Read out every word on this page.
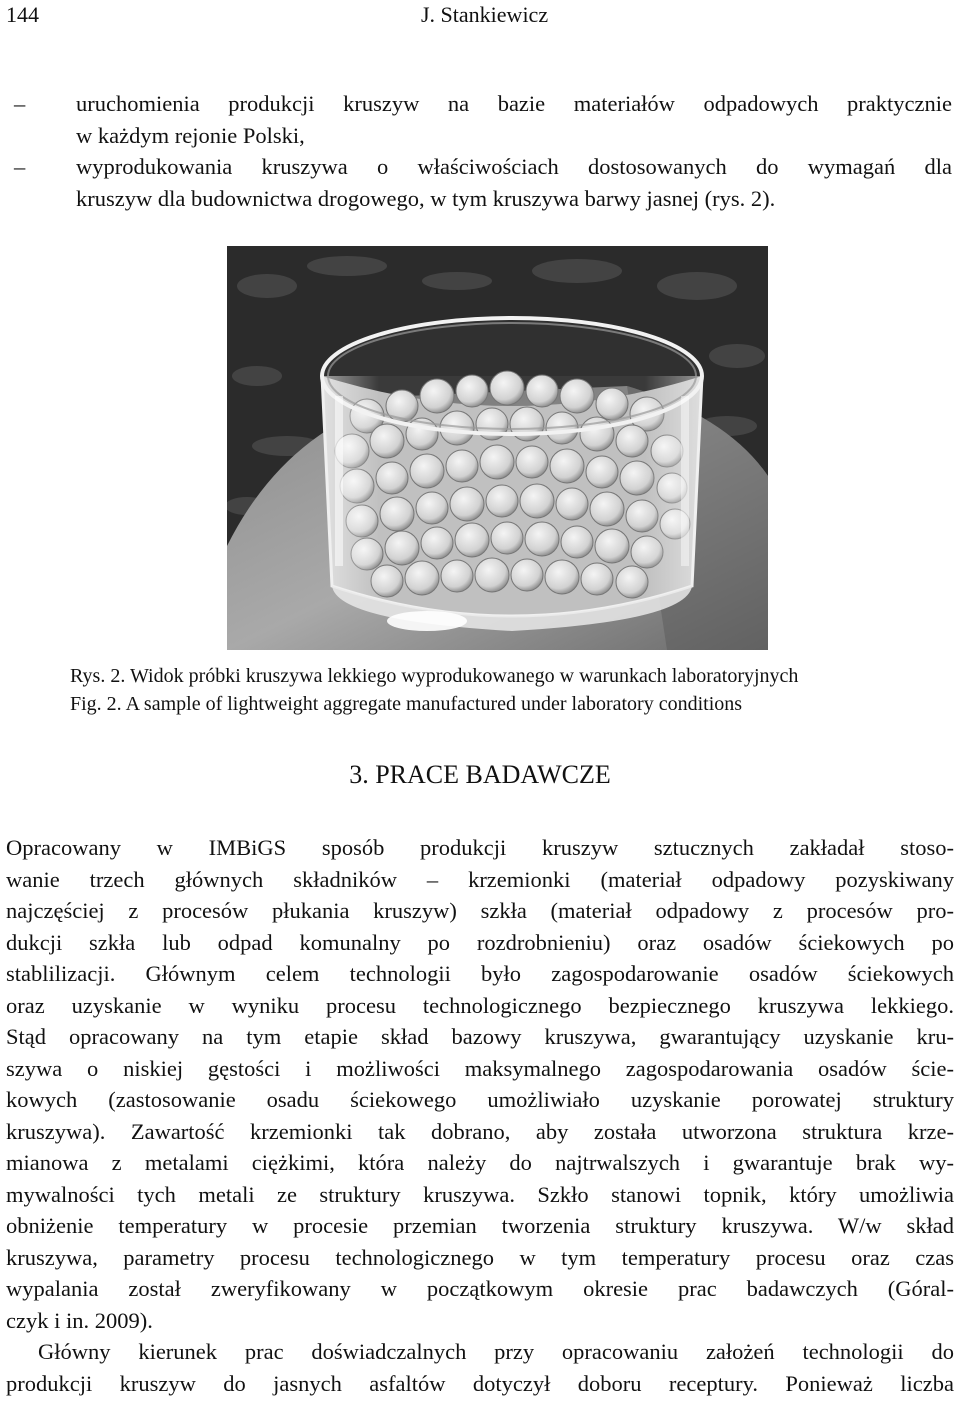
144	J. Stankiewicz
– uruchomienia produkcji kruszyw na bazie materiałów odpadowych praktycznie
w każdym rejonie Polski,
– wyprodukowania kruszywa o właściwościach dostosowanych do wymagań dla
kruszyw dla budownictwa drogowego, w tym kruszywa barwy jasnej (rys. 2).
Rys. 2. Widok próbki kruszywa lekkiego wyprodukowanego w warunkach laboratoryjnych
Fig. 2. A sample of lightweight aggregate manufactured under laboratory conditions
3. PRACE BADAWCZE
Opracowany w IMBiGS sposób produkcji kruszyw sztucznych zakładał stoso-
wanie trzech głównych składników – krzemionki (materiał odpadowy pozyskiwany
najczęściej z procesów płukania kruszyw) szkła (materiał odpadowy z procesów pro-
dukcji szkła lub odpad komunalny po rozdrobnieniu) oraz osadów ściekowych po
stablilizacji. Głównym celem technologii było zagospodarowanie osadów ściekowych
oraz uzyskanie w wyniku procesu technologicznego bezpiecznego kruszywa lekkiego.
Stąd opracowany na tym etapie skład bazowy kruszywa, gwarantujący uzyskanie kru-
szywa o niskiej gęstości i możliwości maksymalnego zagospodarowania osadów ście-
kowych (zastosowanie osadu ściekowego umożliwiało uzyskanie porowatej struktury
kruszywa). Zawartość krzemionki tak dobrano, aby została utworzona struktura krze-
mianowa z metalami ciężkimi, która należy do najtrwalszych i gwarantuje brak wy-
mywalności tych metali ze struktury kruszywa. Szkło stanowi topnik, który umożliwia
obniżenie temperatury w procesie przemian tworzenia struktury kruszywa. W/w skład
kruszywa, parametry procesu technologicznego w tym temperatury procesu oraz czas
wypalania został zweryfikowany w początkowym okresie prac badawczych (Góral-
czyk i in. 2009).
Główny kierunek prac doświadczalnych przy opracowaniu założeń technologii do
produkcji kruszyw do jasnych asfaltów dotyczył doboru receptury. Ponieważ liczba
